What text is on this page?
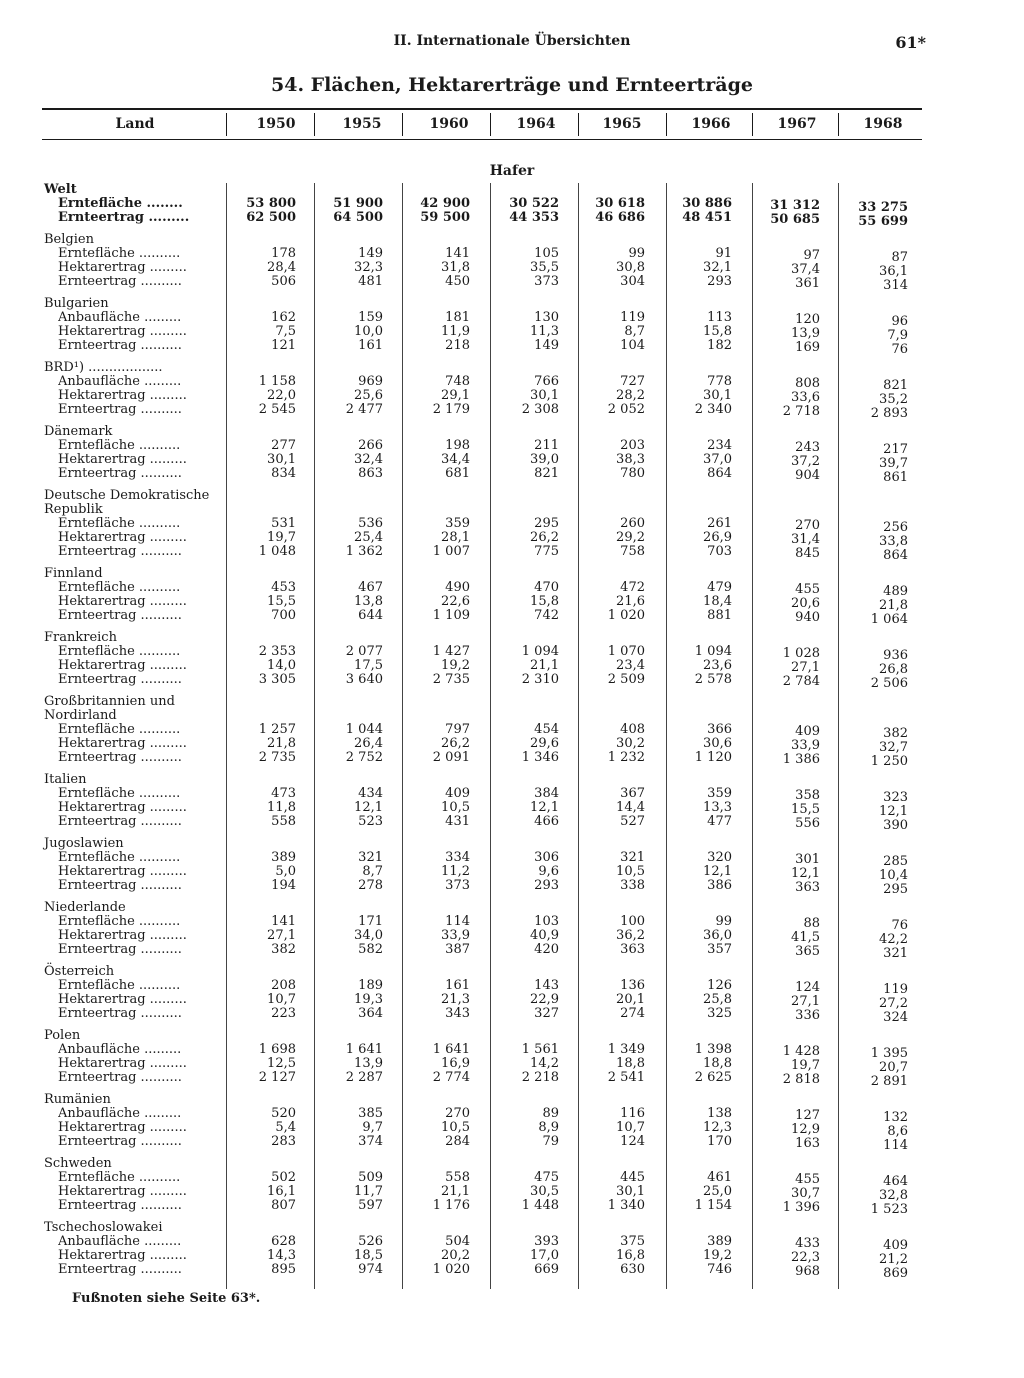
II. Internationale Übersichten	61*
54. Flächen, Hektarerträge und Ernteerträge
Land	1950	1955	1960	1964	1965	1966	1967	1968
Hafer
Welt
Erntefläche ........	53 800	51 900	42 900	30 522	30 618	30 886	31 312	33 275
Ernteertrag .........	62 500	64 500	59 500	44 353	46 686	48 451	50 685	55 699
Belgien
Erntefläche ..........	178	149	141	105	99	91	97	87
Hektarertrag .........	28,4	32,3	31,8	35,5	30,8	32,1	37,4	36,1
Ernteertrag ..........	506	481	450	373	304	293	361	314
Bulgarien
Anbaufläche .........	162	159	181	130	119	113	120	96
Hektarertrag .........	7,5	10,0	11,9	11,3	8,7	15,8	13,9	7,9
Ernteertrag ..........	121	161	218	149	104	182	169	76
BRD¹) ..................
Anbaufläche .........	1 158	969	748	766	727	778	808	821
Hektarertrag .........	22,0	25,6	29,1	30,1	28,2	30,1	33,6	35,2
Ernteertrag ..........	2 545	2 477	2 179	2 308	2 052	2 340	2 718	2 893
Dänemark
Erntefläche ..........	277	266	198	211	203	234	243	217
Hektarertrag .........	30,1	32,4	34,4	39,0	38,3	37,0	37,2	39,7
Ernteertrag ..........	834	863	681	821	780	864	904	861
Deutsche Demokratische
Republik
Erntefläche ..........	531	536	359	295	260	261	270	256
Hektarertrag .........	19,7	25,4	28,1	26,2	29,2	26,9	31,4	33,8
Ernteertrag ..........	1 048	1 362	1 007	775	758	703	845	864
Finnland
Erntefläche ..........	453	467	490	470	472	479	455	489
Hektarertrag .........	15,5	13,8	22,6	15,8	21,6	18,4	20,6	21,8
Ernteertrag ..........	700	644	1 109	742	1 020	881	940	1 064
Frankreich
Erntefläche ..........	2 353	2 077	1 427	1 094	1 070	1 094	1 028	936
Hektarertrag .........	14,0	17,5	19,2	21,1	23,4	23,6	27,1	26,8
Ernteertrag ..........	3 305	3 640	2 735	2 310	2 509	2 578	2 784	2 506
Großbritannien und
Nordirland
Erntefläche ..........	1 257	1 044	797	454	408	366	409	382
Hektarertrag .........	21,8	26,4	26,2	29,6	30,2	30,6	33,9	32,7
Ernteertrag ..........	2 735	2 752	2 091	1 346	1 232	1 120	1 386	1 250
Italien
Erntefläche ..........	473	434	409	384	367	359	358	323
Hektarertrag .........	11,8	12,1	10,5	12,1	14,4	13,3	15,5	12,1
Ernteertrag ..........	558	523	431	466	527	477	556	390
Jugoslawien
Erntefläche ..........	389	321	334	306	321	320	301	285
Hektarertrag .........	5,0	8,7	11,2	9,6	10,5	12,1	12,1	10,4
Ernteertrag ..........	194	278	373	293	338	386	363	295
Niederlande
Erntefläche ..........	141	171	114	103	100	99	88	76
Hektarertrag .........	27,1	34,0	33,9	40,9	36,2	36,0	41,5	42,2
Ernteertrag ..........	382	582	387	420	363	357	365	321
Österreich
Erntefläche ..........	208	189	161	143	136	126	124	119
Hektarertrag .........	10,7	19,3	21,3	22,9	20,1	25,8	27,1	27,2
Ernteertrag ..........	223	364	343	327	274	325	336	324
Polen
Anbaufläche .........	1 698	1 641	1 641	1 561	1 349	1 398	1 428	1 395
Hektarertrag .........	12,5	13,9	16,9	14,2	18,8	18,8	19,7	20,7
Ernteertrag ..........	2 127	2 287	2 774	2 218	2 541	2 625	2 818	2 891
Rumänien
Anbaufläche .........	520	385	270	89	116	138	127	132
Hektarertrag .........	5,4	9,7	10,5	8,9	10,7	12,3	12,9	8,6
Ernteertrag ..........	283	374	284	79	124	170	163	114
Schweden
Erntefläche ..........	502	509	558	475	445	461	455	464
Hektarertrag .........	16,1	11,7	21,1	30,5	30,1	25,0	30,7	32,8
Ernteertrag ..........	807	597	1 176	1 448	1 340	1 154	1 396	1 523
Tschechoslowakei
Anbaufläche .........	628	526	504	393	375	389	433	409
Hektarertrag .........	14,3	18,5	20,2	17,0	16,8	19,2	22,3	21,2
Ernteertrag ..........	895	974	1 020	669	630	746	968	869
Fußnoten siehe Seite 63*.
